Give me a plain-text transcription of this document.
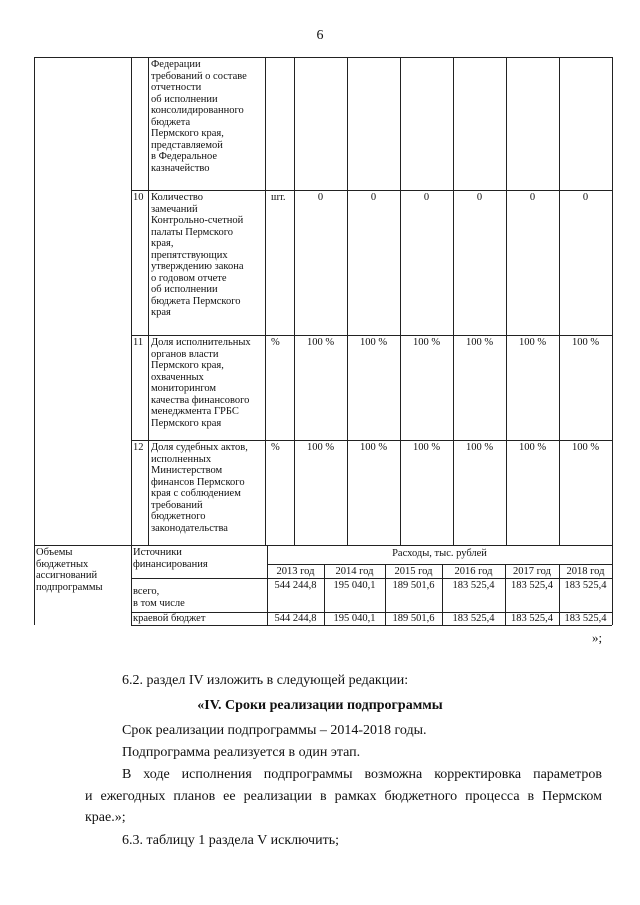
6
Федерации
требований о составе
отчетности
об исполнении
консолидированного
бюджета
Пермского края,
представляемой
в Федеральное
казначейство
10 Количество
замечаний
Контрольно-счетной
палаты Пермского
края,
препятствующих
утверждению закона
о годовом отчете
об исполнении
бюджета Пермского
края
шт.	0	0	0	0	0	0
11 Доля исполнительных
органов власти
Пермского края,
охваченных
мониторингом
качества финансового
менеджмента ГРБС
Пермского края
%	100 %	100 %	100 %	100 %	100 %	100 %
12 Доля судебных актов,
исполненных
Министерством
финансов Пермского
края с соблюдением
требований
бюджетного
законодательства
%	100 %	100 %	100 %	100 %	100 %	100 %
Объемы
бюджетных
ассигнований
подпрограммы
Источники
финансирования
Расходы, тыс. рублей
2013 год	2014 год	2015 год	2016 год	2017 год	2018 год
всего,
в том числе
544 244,8	195 040,1	189 501,6	183 525,4	183 525,4	183 525,4
краевой бюджет	544 244,8	195 040,1	189 501,6	183 525,4	183 525,4	183 525,4
»;
6.2. раздел IV изложить в следующей редакции:
«IV. Сроки реализации подпрограммы
Срок реализации подпрограммы – 2014-2018 годы.
Подпрограмма реализуется в один этап.
В ходе исполнения подпрограммы возможна корректировка параметров
и ежегодных планов ее реализации в рамках бюджетного процесса в Пермском
крае.»;
6.3. таблицу 1 раздела V исключить;
